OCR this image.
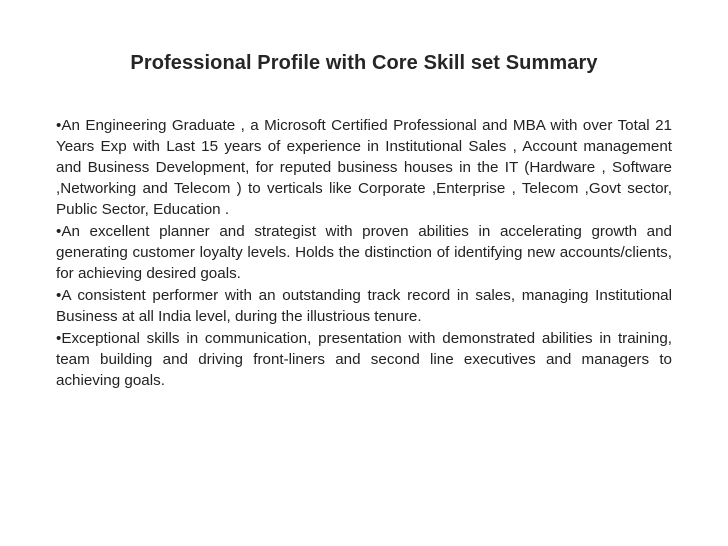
Professional Profile with Core Skill set Summary

•An Engineering Graduate , a Microsoft Certified Professional and MBA with over Total 21 Years Exp with Last 15 years of experience in Institutional Sales , Account management and Business Development, for reputed business houses in the IT (Hardware , Software ,Networking and Telecom ) to verticals like Corporate ,Enterprise , Telecom ,Govt sector, Public Sector, Education .

•An excellent planner and strategist with proven abilities in accelerating growth and generating customer loyalty levels. Holds the distinction of identifying new accounts/clients, for achieving desired goals.

•A consistent performer with an outstanding track record in sales, managing Institutional Business at all India level, during the illustrious tenure.

•Exceptional skills in communication, presentation with demonstrated abilities in training, team building and driving front-liners and second line executives and managers to achieving goals.
